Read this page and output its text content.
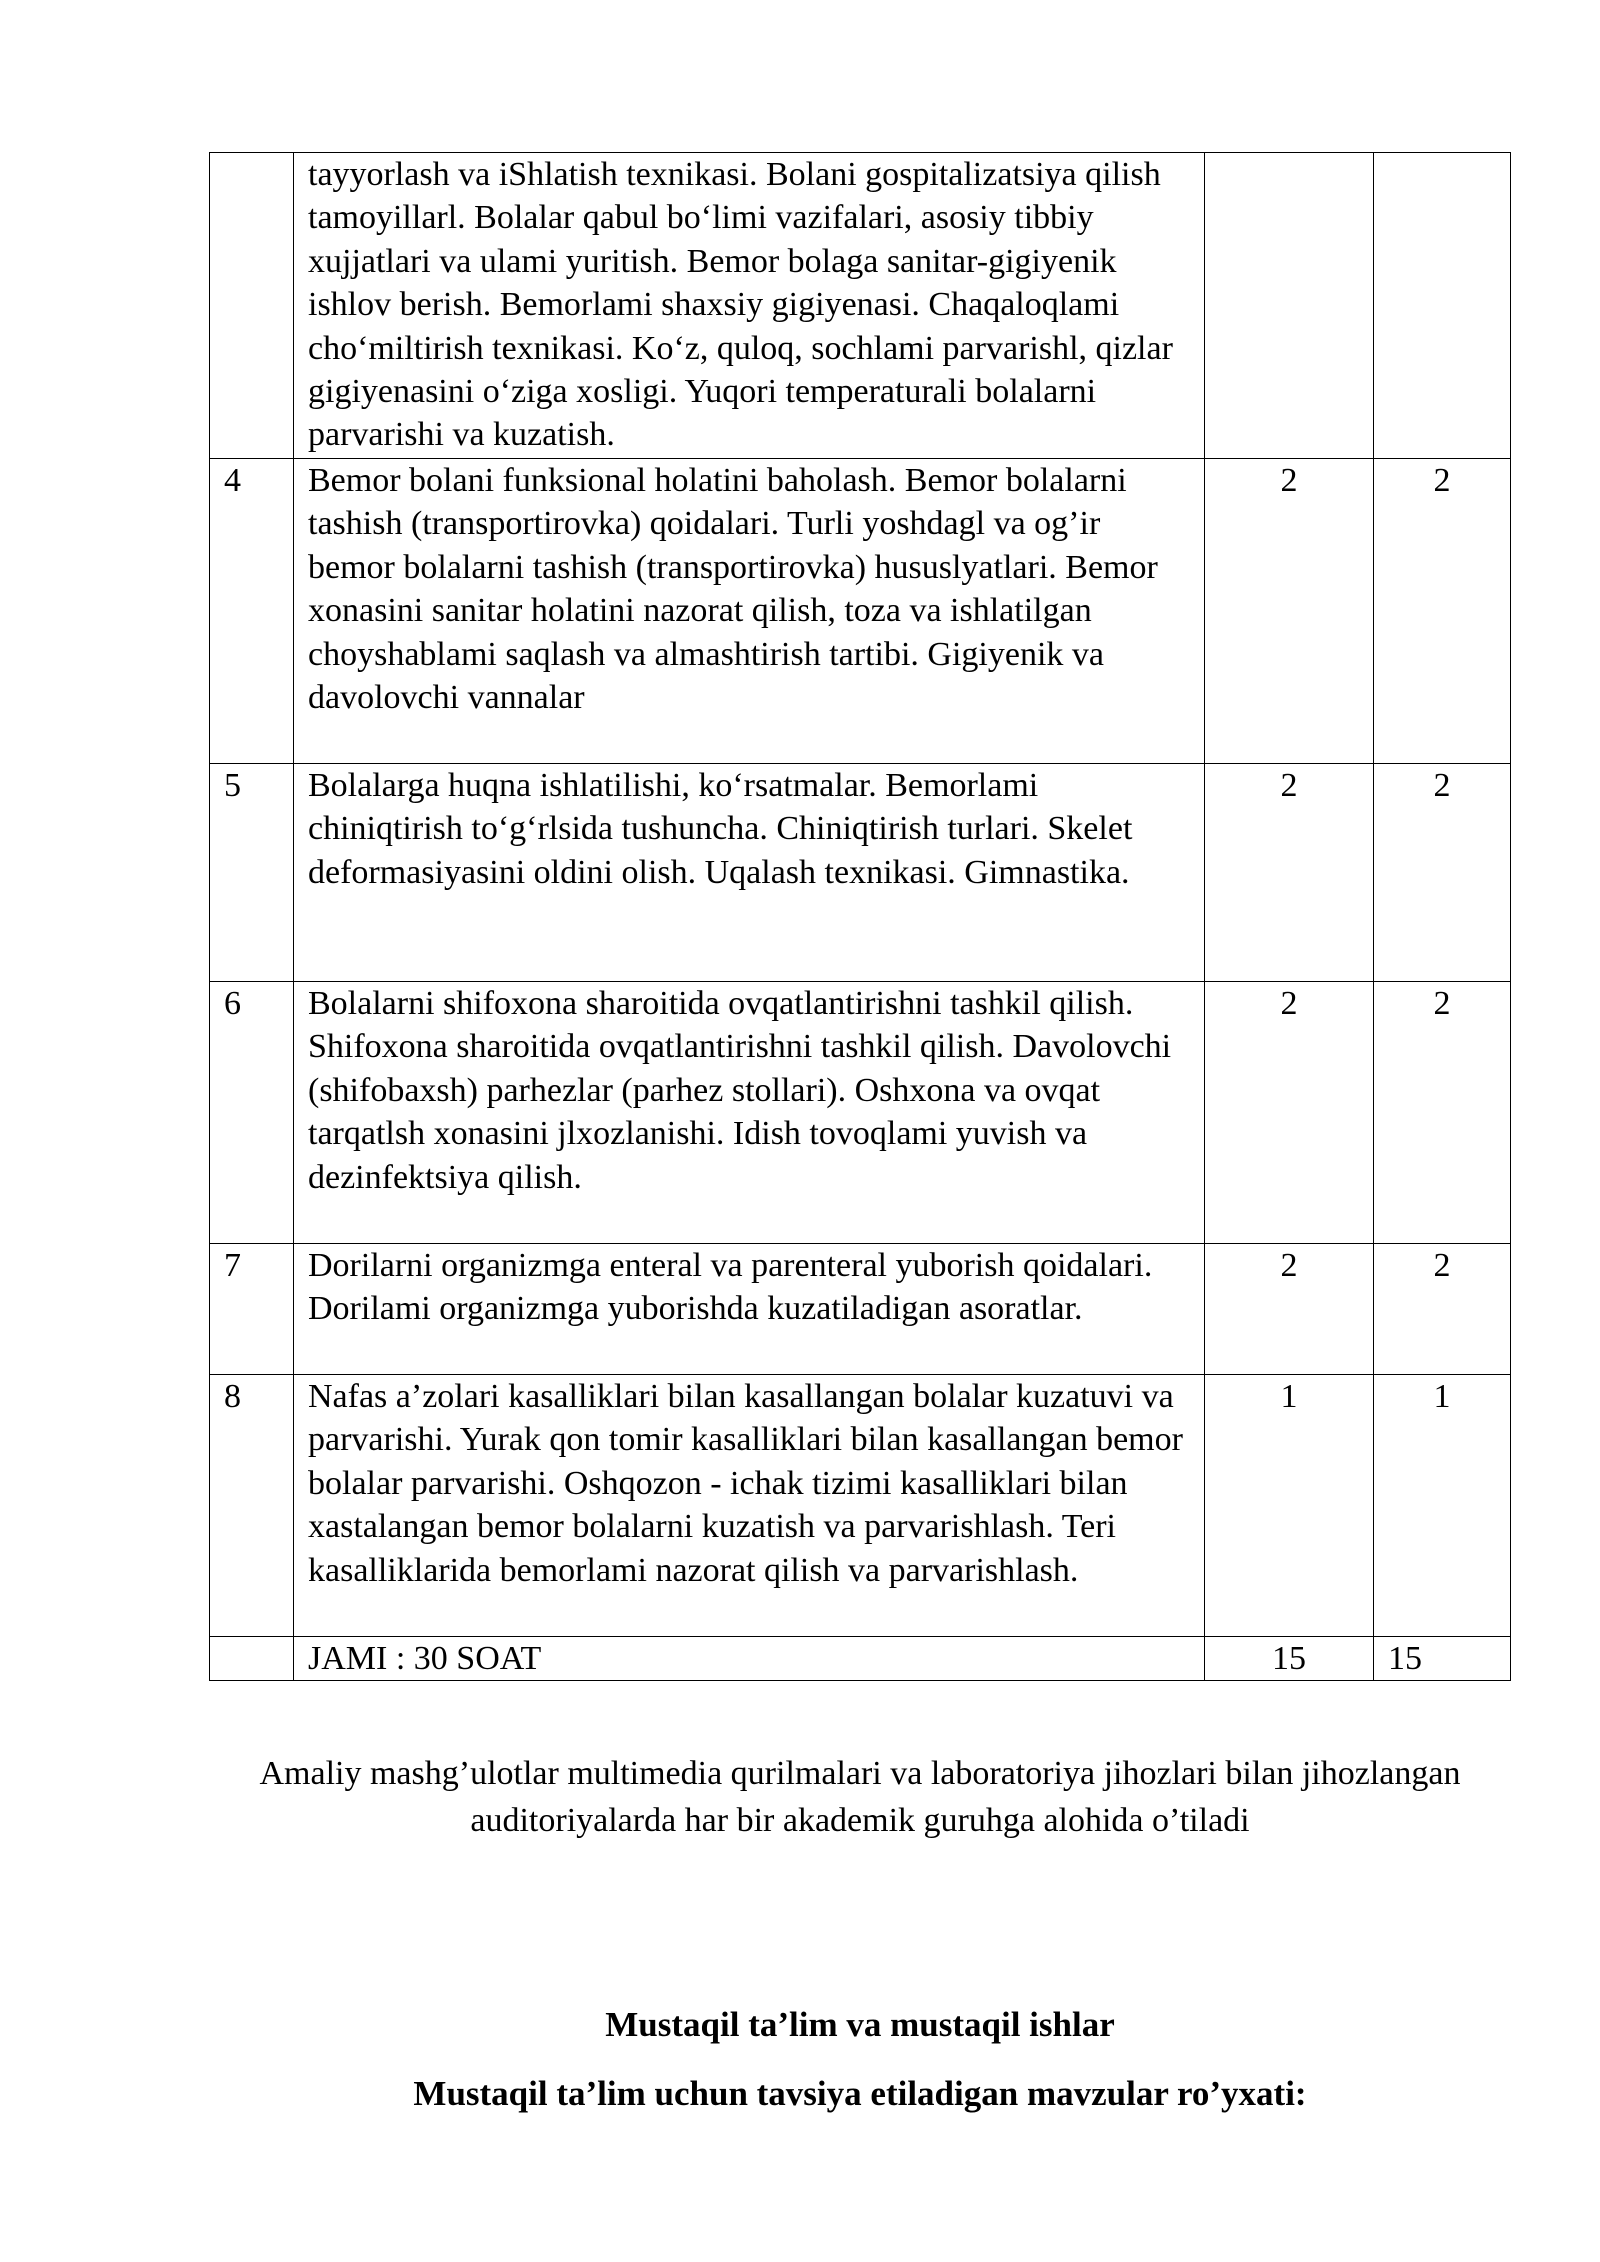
	tayyorlash va iShlatish texnikasi. Bolani gospitalizatsiya qilish tamoyillarl. Bolalar qabul bo‘limi vazifalari, asosiy tibbiy xujjatlari va ulami yuritish. Bemor bolaga sanitar-gigiyenik ishlov berish. Bemorlami shaxsiy gigiyenasi. Chaqaloqlami cho‘miltirish texnikasi. Ko‘z, quloq, sochlami parvarishl, qizlar gigiyenasini o‘ziga xosligi. Yuqori temperaturali bolalarni parvarishi va kuzatish.		
4	Bemor bolani funksional holatini baholash. Bemor bolalarni tashish (transportirovka) qoidalari. Turli yoshdagl va og’ir bemor bolalarni tashish (transportirovka) hususlyatlari. Bemor xonasini sanitar holatini nazorat qilish, toza va ishlatilgan choyshablami saqlash va almashtirish tartibi. Gigiyenik va davolovchi vannalar	2	2
5	Bolalarga huqna ishlatilishi, ko‘rsatmalar. Bemorlami chiniqtirish to‘g‘rlsida tushuncha. Chiniqtirish turlari. Skelet deformasiyasini oldini olish. Uqalash texnikasi. Gimnastika.	2	2
6	Bolalarni shifoxona sharoitida ovqatlantirishni tashkil qilish. Shifoxona sharoitida ovqatlantirishni tashkil qilish. Davolovchi (shifobaxsh) parhezlar (parhez stollari). Oshxona va ovqat tarqatlsh xonasini jlxozlanishi. Idish tovoqlami yuvish va dezinfektsiya qilish.	2	2
7	Dorilarni organizmga enteral va parenteral yuborish qoidalari. Dorilami organizmga yuborishda kuzatiladigan asoratlar.	2	2
8	Nafas a’zolari kasalliklari bilan kasallangan bolalar kuzatuvi va parvarishi. Yurak qon tomir kasalliklari bilan kasallangan bemor bolalar parvarishi. Oshqozon - ichak tizimi kasalliklari bilan xastalangan bemor bolalarni kuzatish va parvarishlash. Teri kasalliklarida bemorlami nazorat qilish va parvarishlash.	1	1
	JAMI : 30 SOAT	15	15
Amaliy mashg’ulotlar multimedia qurilmalari va laboratoriya jihozlari bilan jihozlangan auditoriyalarda har bir akademik guruhga alohida o’tiladi
Mustaqil ta’lim va mustaqil ishlar
Mustaqil ta’lim uchun tavsiya etiladigan mavzular ro’yxati:
